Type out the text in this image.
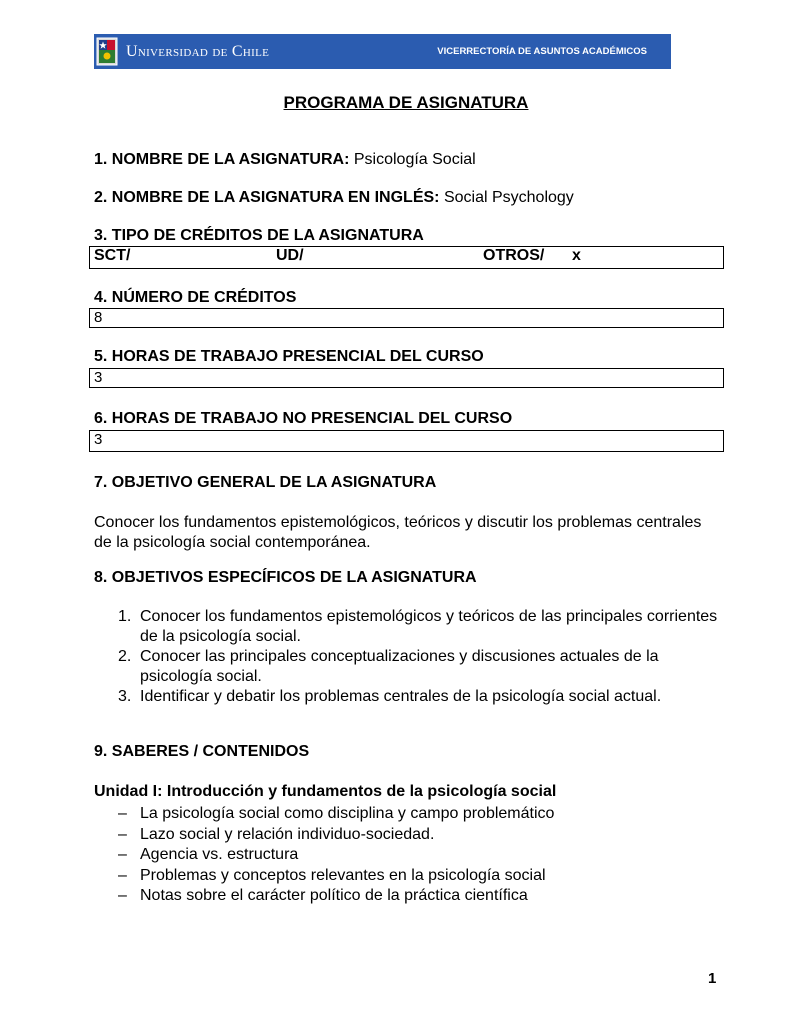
Universidad de Chile	VICERRECTORÍA DE ASUNTOS ACADÉMICOS
PROGRAMA DE ASIGNATURA
1. NOMBRE DE LA ASIGNATURA: Psicología Social
2. NOMBRE DE LA ASIGNATURA EN INGLÉS: Social Psychology
3. TIPO DE CRÉDITOS DE LA ASIGNATURA
SCT/	UD/	OTROS/ x
4. NÚMERO DE CRÉDITOS
8
5. HORAS DE TRABAJO PRESENCIAL DEL CURSO
3
6. HORAS DE TRABAJO NO PRESENCIAL DEL CURSO
3
7. OBJETIVO GENERAL DE LA ASIGNATURA
Conocer los fundamentos epistemológicos, teóricos y discutir los problemas centrales de la psicología social contemporánea.
8. OBJETIVOS ESPECÍFICOS DE LA ASIGNATURA
1. Conocer los fundamentos epistemológicos y teóricos de las principales corrientes de la psicología social.
2. Conocer las principales conceptualizaciones y discusiones actuales de la psicología social.
3. Identificar y debatir los problemas centrales de la psicología social actual.
9. SABERES / CONTENIDOS
Unidad I: Introducción y fundamentos de la psicología social
– La psicología social como disciplina y campo problemático
– Lazo social y relación individuo-sociedad.
– Agencia vs. estructura
– Problemas y conceptos relevantes en la psicología social
– Notas sobre el carácter político de la práctica científica
1
